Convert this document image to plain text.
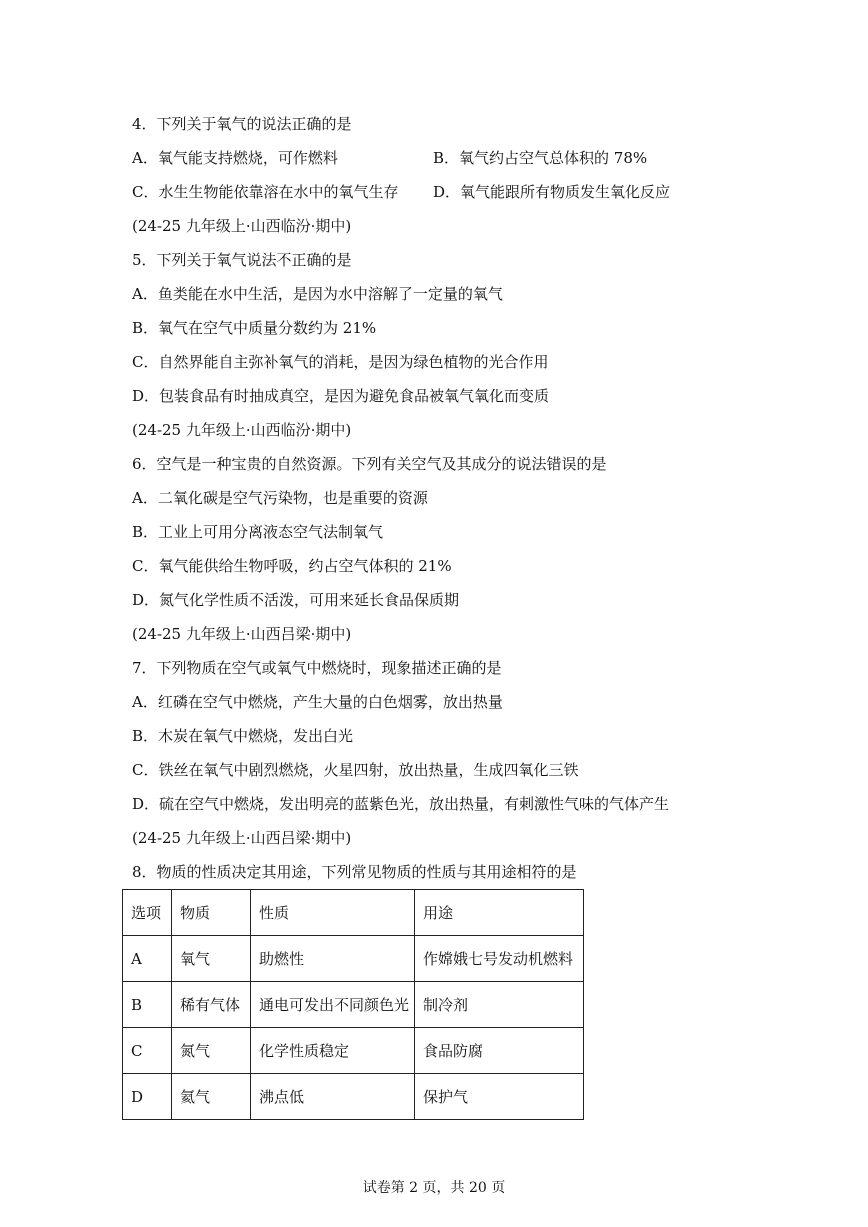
4．下列关于氧气的说法正确的是
A．氧气能支持燃烧，可作燃料	B．氧气约占空气总体积的 78%
C．水生生物能依靠溶在水中的氧气生存 D．氧气能跟所有物质发生氧化反应
(24-25 九年级上·山西临汾·期中)
5．下列关于氧气说法不正确的是
A．鱼类能在水中生活，是因为水中溶解了一定量的氧气
B．氧气在空气中质量分数约为 21%
C．自然界能自主弥补氧气的消耗，是因为绿色植物的光合作用
D．包装食品有时抽成真空，是因为避免食品被氧气氧化而变质
(24-25 九年级上·山西临汾·期中)
6．空气是一种宝贵的自然资源。下列有关空气及其成分的说法错误的是
A．二氧化碳是空气污染物，也是重要的资源
B．工业上可用分离液态空气法制氧气
C．氧气能供给生物呼吸，约占空气体积的 21%
D．氮气化学性质不活泼，可用来延长食品保质期
(24-25 九年级上·山西吕梁·期中)
7．下列物质在空气或氧气中燃烧时，现象描述正确的是
A．红磷在空气中燃烧，产生大量的白色烟雾，放出热量
B．木炭在氧气中燃烧，发出白光
C．铁丝在氧气中剧烈燃烧，火星四射，放出热量，生成四氧化三铁
D．硫在空气中燃烧，发出明亮的蓝紫色光，放出热量，有刺激性气味的气体产生
(24-25 九年级上·山西吕梁·期中)
8．物质的性质决定其用途，下列常见物质的性质与其用途相符的是
选项	物质	性质	用途
A	氧气	助燃性	作嫦娥七号发动机燃料
B	稀有气体	通电可发出不同颜色光	制冷剂
C	氮气	化学性质稳定	食品防腐
D	氦气	沸点低	保护气
试卷第 2 页，共 20 页
